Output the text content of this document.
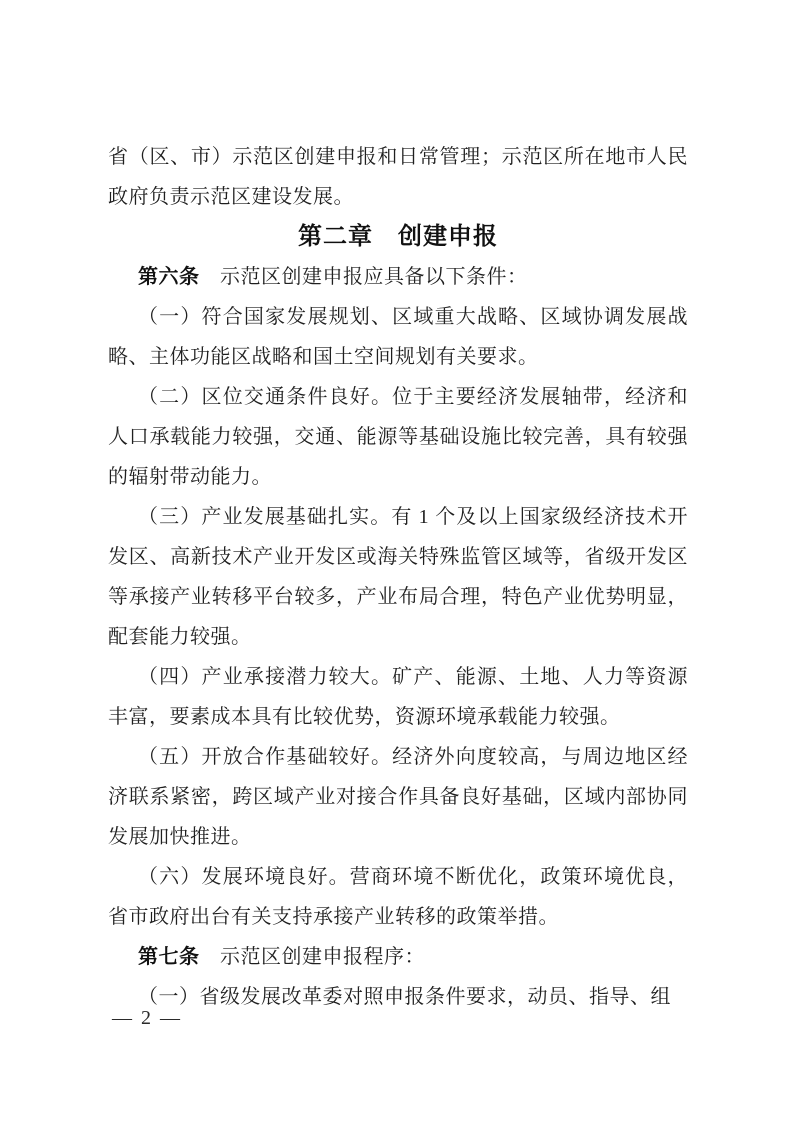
省（区、市）示范区创建申报和日常管理；示范区所在地市人民政府负责示范区建设发展。

第二章　创建申报

第六条　示范区创建申报应具备以下条件：

（一）符合国家发展规划、区域重大战略、区域协调发展战略、主体功能区战略和国土空间规划有关要求。

（二）区位交通条件良好。位于主要经济发展轴带，经济和人口承载能力较强，交通、能源等基础设施比较完善，具有较强的辐射带动能力。

（三）产业发展基础扎实。有 1 个及以上国家级经济技术开发区、高新技术产业开发区或海关特殊监管区域等，省级开发区等承接产业转移平台较多，产业布局合理，特色产业优势明显，配套能力较强。

（四）产业承接潜力较大。矿产、能源、土地、人力等资源丰富，要素成本具有比较优势，资源环境承载能力较强。

（五）开放合作基础较好。经济外向度较高，与周边地区经济联系紧密，跨区域产业对接合作具备良好基础，区域内部协同发展加快推进。

（六）发展环境良好。营商环境不断优化，政策环境优良，省市政府出台有关支持承接产业转移的政策举措。

第七条　示范区创建申报程序：

（一）省级发展改革委对照申报条件要求，动员、指导、组

— 2 —
